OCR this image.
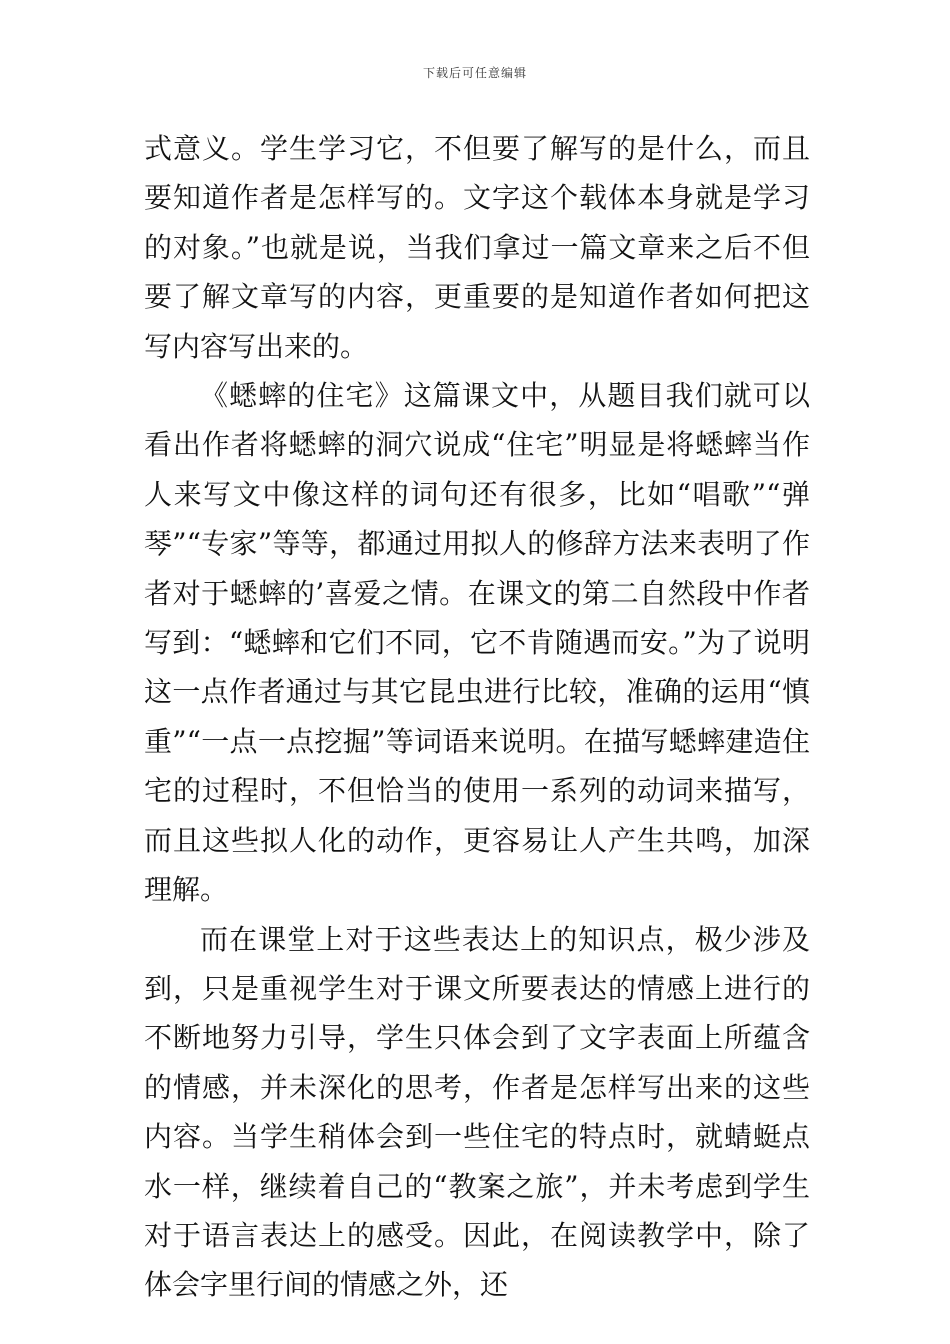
下载后可任意编辑

式意义。学生学习它，不但要了解写的是什么，而且要知道作者是怎样写的。文字这个载体本身就是学习的对象。”也就是说，当我们拿过一篇文章来之后不但要了解文章写的内容，更重要的是知道作者如何把这写内容写出来的。

《蟋蟀的住宅》这篇课文中，从题目我们就可以看出作者将蟋蟀的洞穴说成“住宅”明显是将蟋蟀当作人来写文中像这样的词句还有很多，比如“唱歌”“弹琴”“专家”等等，都通过用拟人的修辞方法来表明了作者对于蟋蟀的’喜爱之情。在课文的第二自然段中作者写到：“蟋蟀和它们不同，它不肯随遇而安。”为了说明这一点作者通过与其它昆虫进行比较，准确的运用“慎重”“一点一点挖掘”等词语来说明。在描写蟋蟀建造住宅的过程时，不但恰当的使用一系列的动词来描写，而且这些拟人化的动作，更容易让人产生共鸣，加深理解。

而在课堂上对于这些表达上的知识点，极少涉及到，只是重视学生对于课文所要表达的情感上进行的不断地努力引导，学生只体会到了文字表面上所蕴含的情感，并未深化的思考，作者是怎样写出来的这些内容。当学生稍体会到一些住宅的特点时，就蜻蜓点水一样，继续着自己的“教案之旅”，并未考虑到学生对于语言表达上的感受。因此，在阅读教学中，除了体会字里行间的情感之外，还
